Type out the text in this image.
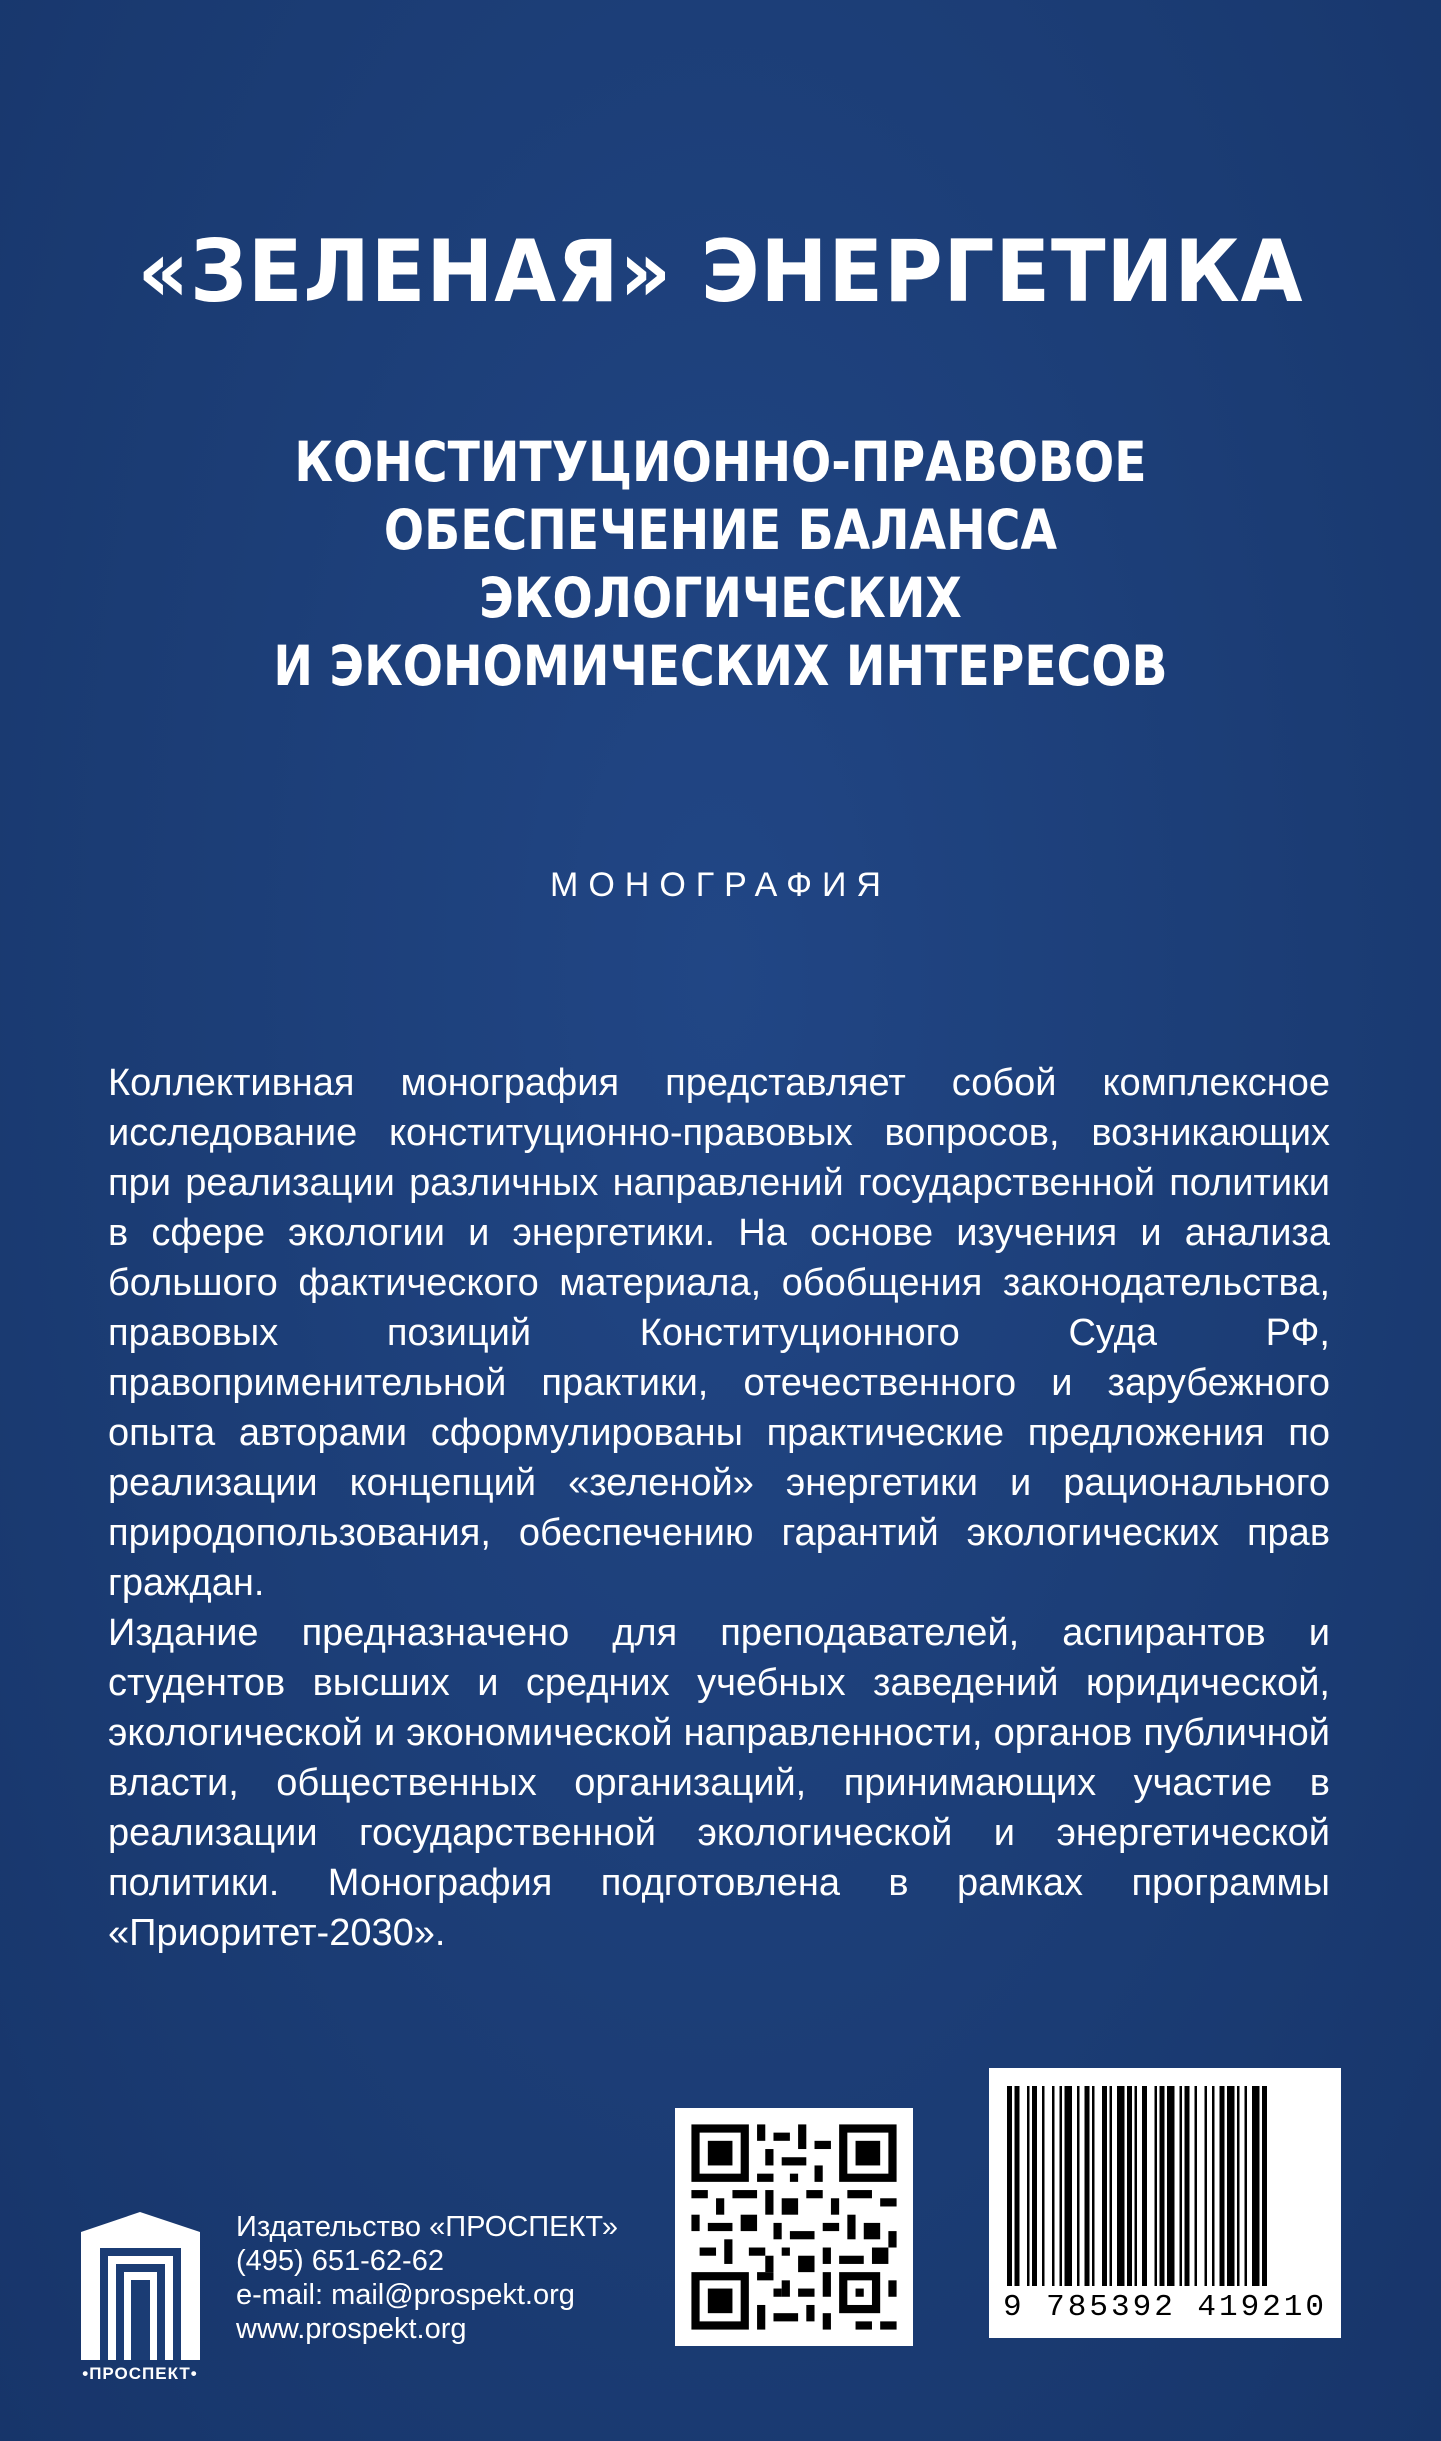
«ЗЕЛЕНАЯ» ЭНЕРГЕТИКА
КОНСТИТУЦИОННО-ПРАВОВОЕ
ОБЕСПЕЧЕНИЕ БАЛАНСА
ЭКОЛОГИЧЕСКИХ
И ЭКОНОМИЧЕСКИХ ИНТЕРЕСОВ
МОНОГРАФИЯ

Коллективная монография представляет собой комплексное исследование конституционно-правовых вопросов, возникающих при реализации различных направлений государственной политики в сфере экологии и энергетики. На основе изучения и анализа большого фактического материала, обобщения законодательства, правовых позиций Конституционного Суда РФ, правоприменительной практики, отечественного и зарубежного опыта авторами сформулированы практические предложения по реализации концепций «зеленой» энергетики и рационального природопользования, обеспечению гарантий экологических прав граждан.

Издание предназначено для преподавателей, аспирантов и студентов высших и средних учебных заведений юридической, экологической и экономической направленности, органов публичной власти, общественных организаций, принимающих участие в реализации государственной экологической и энергетической политики. Монография подготовлена в рамках программы «Приоритет-2030».

•ПРОСПЕКТ•
Издательство «ПРОСПЕКТ»
(495) 651-62-62
e-mail: mail@prospekt.org
www.prospekt.org
9 785392 419210
